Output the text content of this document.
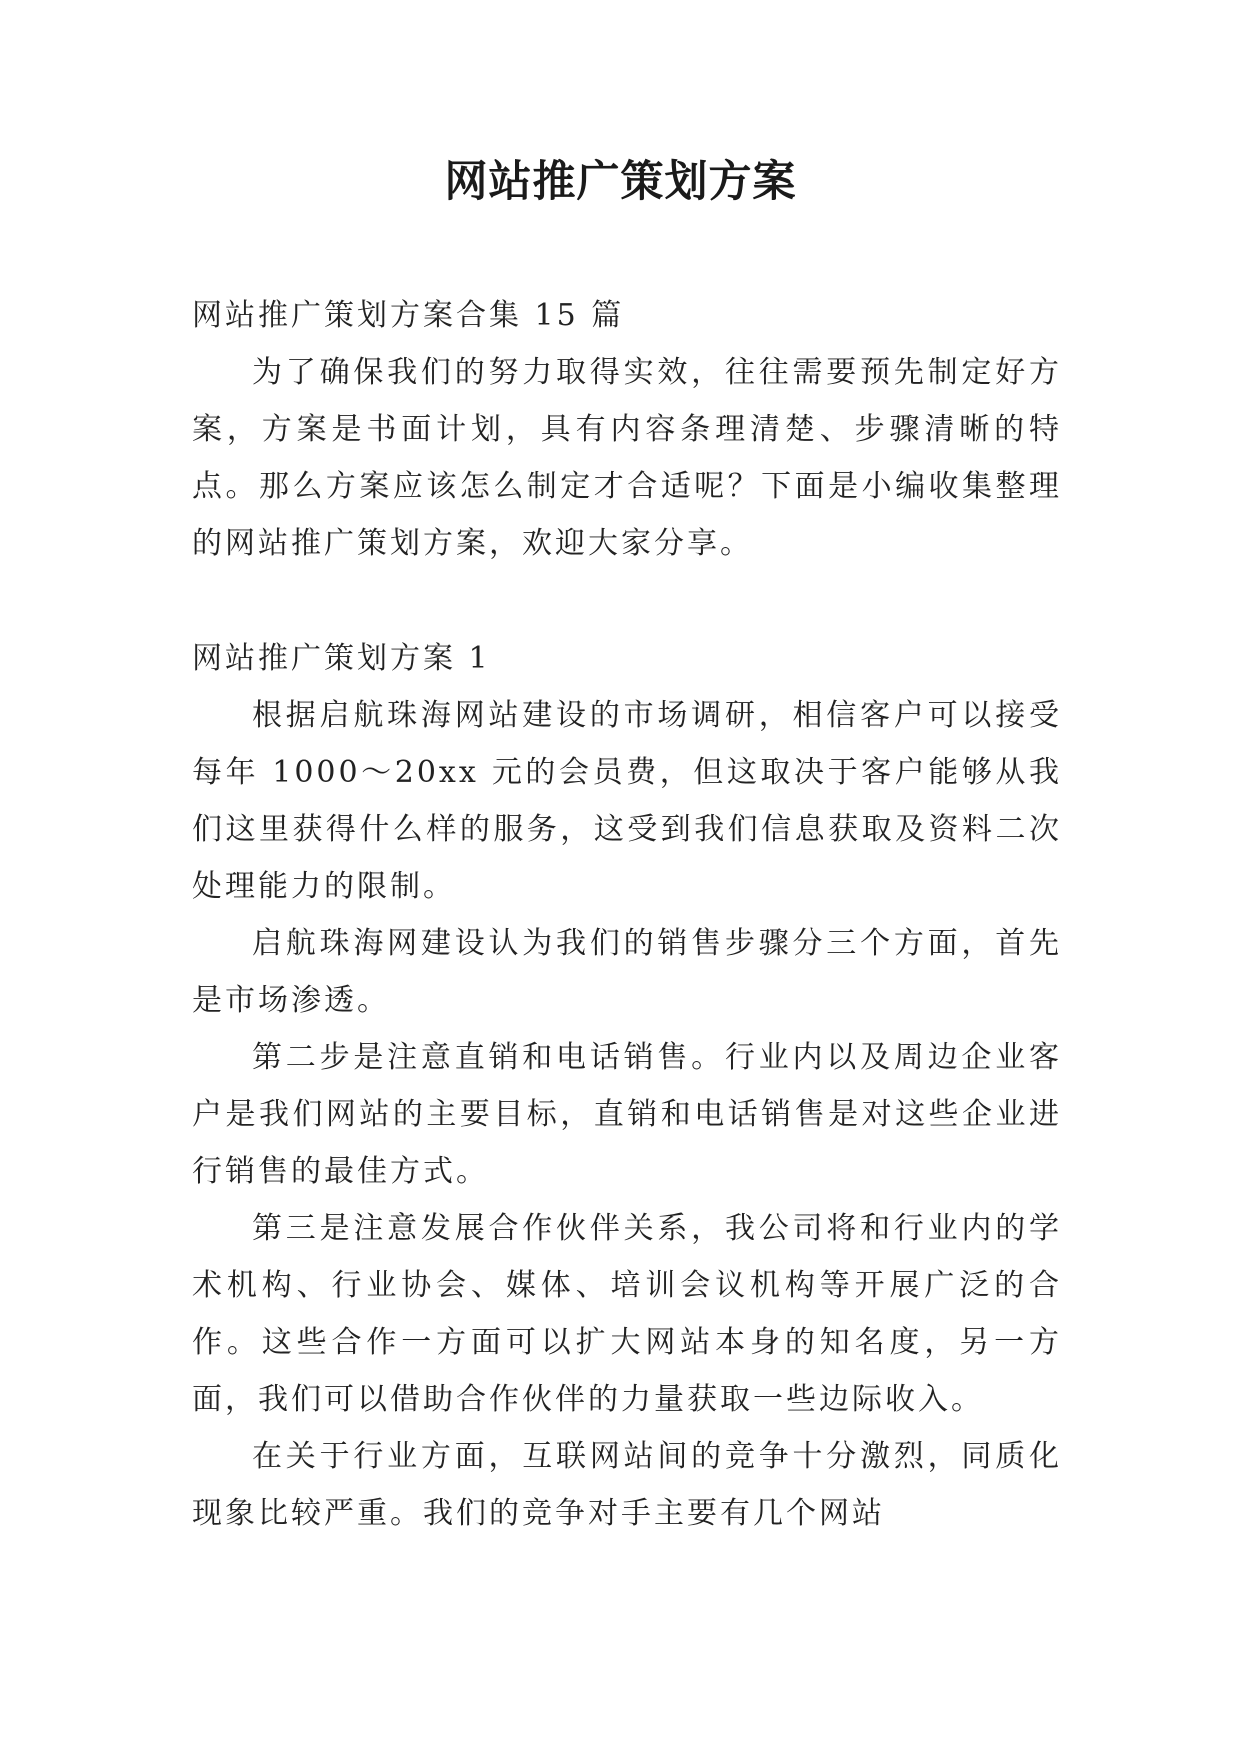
网站推广策划方案

网站推广策划方案合集 15 篇

为了确保我们的努力取得实效，往往需要预先制定好方案，方案是书面计划，具有内容条理清楚、步骤清晰的特点。那么方案应该怎么制定才合适呢？下面是小编收集整理的网站推广策划方案，欢迎大家分享。

网站推广策划方案 1

根据启航珠海网站建设的市场调研，相信客户可以接受每年 1000～20xx 元的会员费，但这取决于客户能够从我们这里获得什么样的服务，这受到我们信息获取及资料二次处理能力的限制。

启航珠海网建设认为我们的销售步骤分三个方面，首先是市场渗透。

第二步是注意直销和电话销售。行业内以及周边企业客户是我们网站的主要目标，直销和电话销售是对这些企业进行销售的最佳方式。

第三是注意发展合作伙伴关系，我公司将和行业内的学术机构、行业协会、媒体、培训会议机构等开展广泛的合作。这些合作一方面可以扩大网站本身的知名度，另一方面，我们可以借助合作伙伴的力量获取一些边际收入。

在关于行业方面，互联网站间的竞争十分激烈，同质化现象比较严重。我们的竞争对手主要有几个网站
